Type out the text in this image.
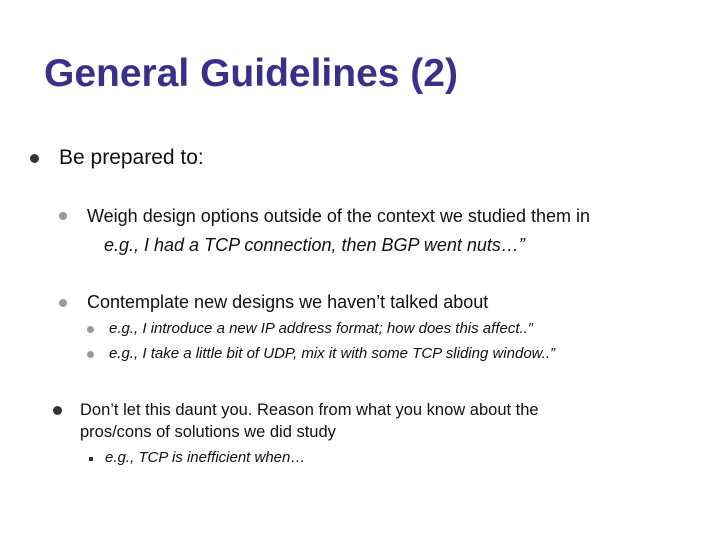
General Guidelines (2)
Be prepared to:
Weigh design options outside of the context we studied them in
e.g., I had a TCP connection, then BGP went nuts…”
Contemplate new designs we haven’t talked about
e.g., I introduce a new IP address format; how does this affect..”
e.g., I take a little bit of UDP, mix it with some TCP sliding window..”
Don’t let this daunt you. Reason from what you know about the
pros/cons of solutions we did study
e.g., TCP is inefficient when…
